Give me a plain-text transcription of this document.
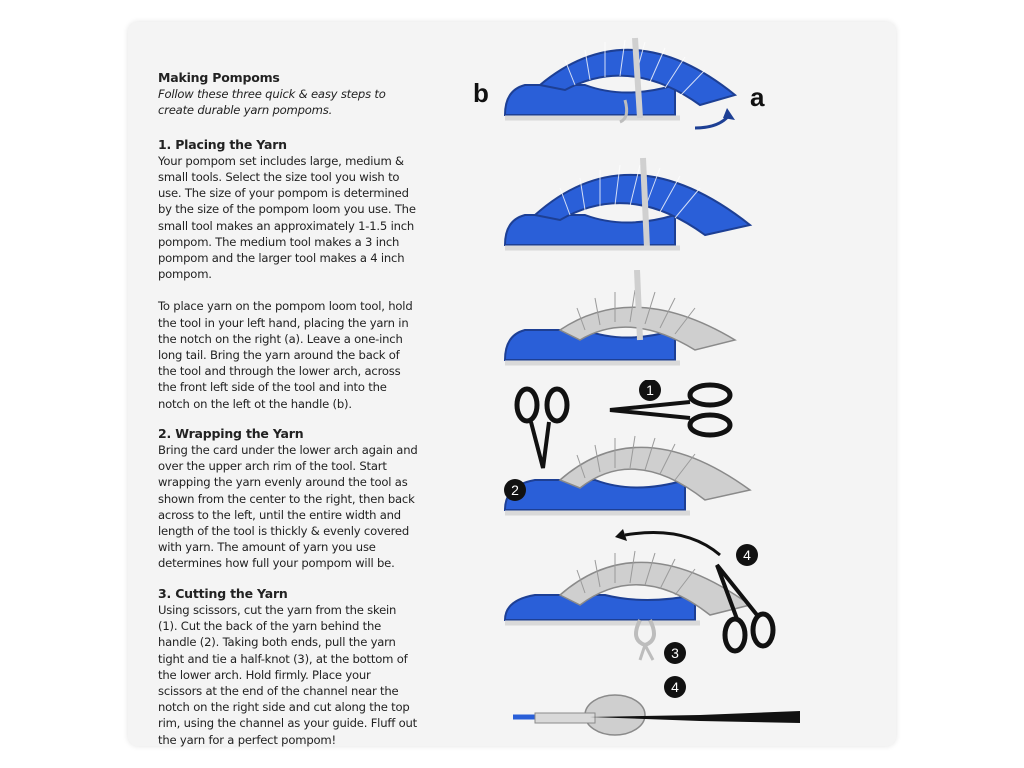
Making Pompoms
Follow these three quick & easy steps to create durable yarn pompoms.
1. Placing the Yarn

Your pompom set includes large, medium & small tools. Select the size tool you wish to use. The size of your pompom is determined by the size of the pompom loom you use. The small tool makes an approximately 1-1.5 inch pompom. The medium tool makes a 3 inch pompom and the larger tool makes a 4 inch pompom.

To place yarn on the pompom loom tool, hold the tool in your left hand, placing the yarn in the notch on the right (a). Leave a one-inch long tail. Bring the yarn around the back of the tool and through the lower arch, across the front left side of the tool and into the notch on the left ot the handle (b).

2. Wrapping the Yarn

Bring the card under the lower arch again and over the upper arch rim of the tool. Start wrapping the yarn evenly around the tool as shown from the center to the right, then back across to the left, until the entire width and length of the tool is thickly & evenly covered with yarn. The amount of yarn you use determines how full your pompom will be.

3. Cutting the Yarn

Using scissors, cut the yarn from the skein (1). Cut the back of the yarn behind the handle (2). Taking both ends, pull the yarn tight and tie a half-knot (3), at the bottom of the lower arch. Hold firmly. Place your scissors at the end of the channel near the notch on the right side and cut along the top rim, using the channel as your guide. Fluff out the yarn for a perfect pompom!

b	a
1
2
4
3
4
